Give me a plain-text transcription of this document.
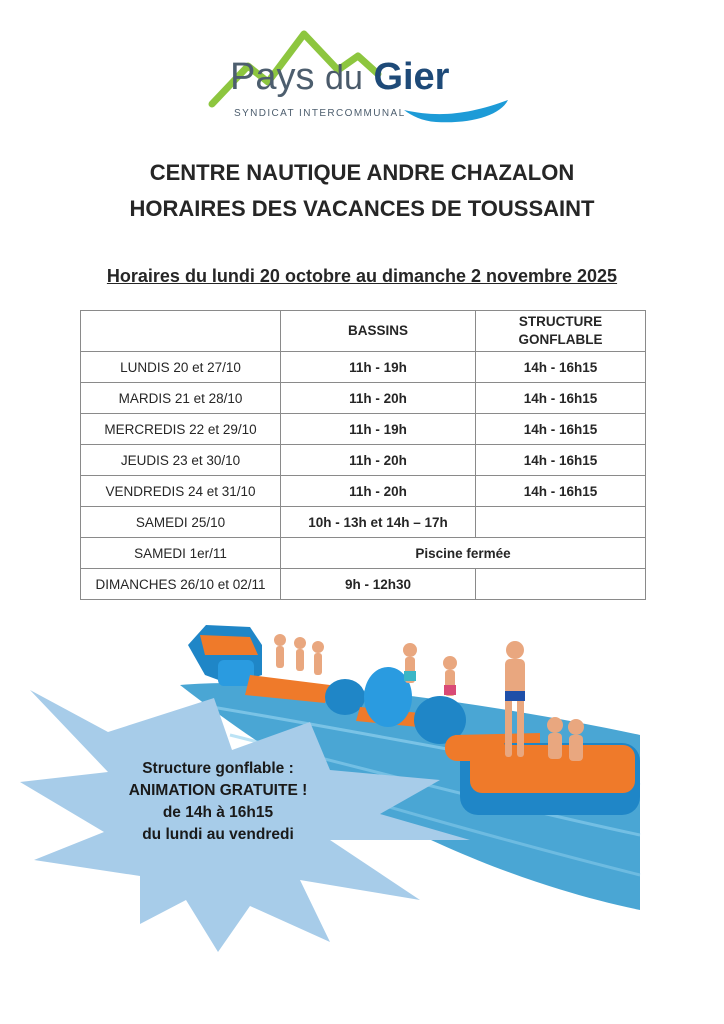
Pays du Gier
SYNDICAT INTERCOMMUNAL
CENTRE NAUTIQUE ANDRE CHAZALON
HORAIRES DES VACANCES DE TOUSSAINT
Horaires du lundi 20 octobre au dimanche 2 novembre 2025
	BASSINS	STRUCTURE
GONFLABLE
LUNDIS 20 et 27/10	11h - 19h	14h - 16h15
MARDIS 21 et 28/10	11h - 20h	14h - 16h15
MERCREDIS 22 et 29/10	11h - 19h	14h - 16h15
JEUDIS 23 et 30/10	11h - 20h	14h - 16h15
VENDREDIS 24 et 31/10	11h - 20h	14h - 16h15
SAMEDI 25/10	10h - 13h et 14h – 17h	
SAMEDI 1er/11	Piscine fermée	
DIMANCHES 26/10 et 02/11	9h - 12h30	
Structure gonflable :
ANIMATION GRATUITE !
de 14h à 16h15
du lundi au vendredi
